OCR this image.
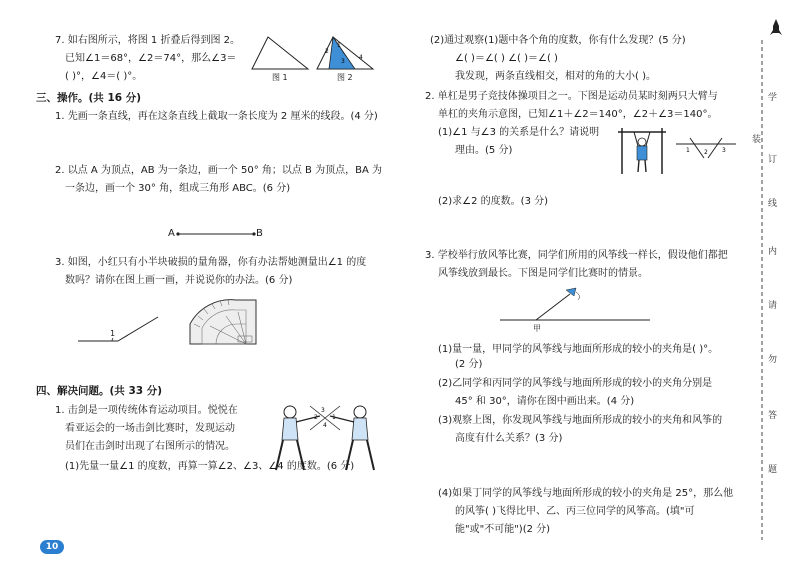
7. 如右图所示，将图 1 折叠后得到图 2。
已知∠1＝68°，∠2＝74°，那么∠3＝
( )°，∠4＝( )°。	图 1
2
1
3
4
图 2
三、操作。(共 16 分)
1. 先画一条直线，再在这条直线上截取一条长度为 2 厘米的线段。(4 分)
2. 以点 A 为顶点，AB 为一条边，画一个 50° 角；以点 B 为顶点，BA 为
一条边，画一个 30° 角，组成三角形 ABC。(6 分)
A	B
3. 如图，小红只有小半块破损的量角器，你有办法帮她测量出∠1 的度
数吗？请你在图上画一画，并说说你的办法。(6 分)
1
四、解决问题。(共 33 分)
1. 击剑是一项传统体育运动项目。悦悦在
看亚运会的一场击剑比赛时，发现运动
员们在击剑时出现了右图所示的情况。
3
2 1
4
(1)先量一量∠1 的度数，再算一算∠2、∠3、∠4 的度数。(6 分)
10
(2)通过观察(1)题中各个角的度数，你有什么发现？(5 分)
∠( )＝∠( ) ∠( )＝∠( )
我发现，两条直线相交，相对的角的大小( )。
2. 单杠是男子竞技体操项目之一。下图是运动员某时刻两只大臂与
单杠的夹角示意图，已知∠1＋∠2＝140°，∠2＋∠3＝140°。
(1)∠1 与∠3 的关系是什么？请说明
理由。(5 分)	1 2 3
(2)求∠2 的度数。(3 分)
3. 学校举行放风筝比赛，同学们所用的风筝线一样长，假设他们都把
风筝线放到最长。下图是同学们比赛时的情景。
甲
(1)量一量，甲同学的风筝线与地面所形成的较小的夹角是( )°。
(2 分)
(2)乙同学和丙同学的风筝线与地面所形成的较小的夹角分别是
45° 和 30°，请你在图中画出来。(4 分)
(3)观察上图，你发现风筝线与地面所形成的较小的夹角和风筝的
高度有什么关系？(3 分)
(4)如果丁同学的风筝线与地面所形成的较小的夹角是 25°，那么他
的风筝( )飞得比甲、乙、丙三位同学的风筝高。(填"可
能"或"不可能")(2 分)
学
装
订
线
内
请
勿
答
题
